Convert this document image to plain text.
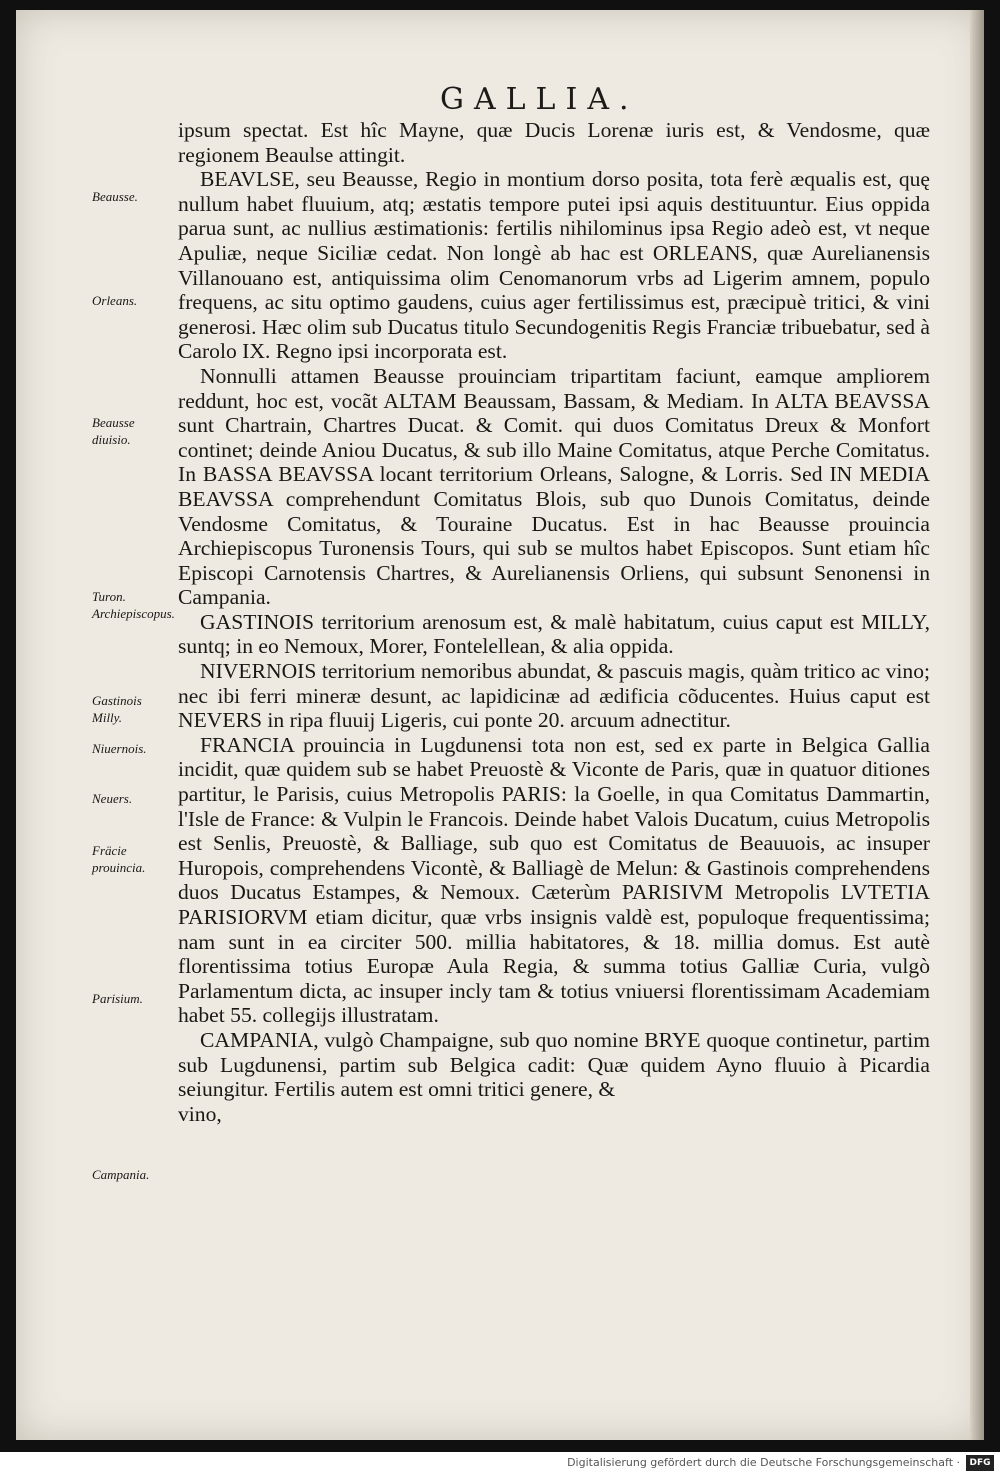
GALLIA.
Beausse.
Orleans.
Beausse diuisio.
Turon. Archiepiscopus.
Gastinois Milly.
Niuernois.
Neuers.
Fräcie prouincia.
Parisium.
Campania.

ipsum spectat. Est hîc Mayne, quæ Ducis Lorenæ iuris est, & Vendosme, quæ regionem Beaulse attingit.

BEAVLSE, seu Beausse, Regio in montium dorso posita, tota ferè æqualis est, quę nullum habet fluuium, atq; æstatis tempore putei ipsi aquis destituuntur. Eius oppida parua sunt, ac nullius æstimationis: fertilis nihilominus ipsa Regio adeò est, vt neque Apuliæ, neque Siciliæ cedat. Non longè ab hac est ORLEANS, quæ Aurelianensis Villanouano est, antiquissima olim Cenomanorum vrbs ad Ligerim amnem, populo frequens, ac situ optimo gaudens, cuius ager fertilissimus est, præcipuè tritici, & vini generosi. Hæc olim sub Ducatus titulo Secundogenitis Regis Franciæ tribuebatur, sed à Carolo IX. Regno ipsi incorporata est.

Nonnulli attamen Beausse prouinciam tripartitam faciunt, eamque ampliorem reddunt, hoc est, vocãt ALTAM Beaussam, Bassam, & Mediam. In ALTA BEAVSSA sunt Chartrain, Chartres Ducat. & Comit. qui duos Comitatus Dreux & Monfort continet; deinde Aniou Ducatus, & sub illo Maine Comitatus, atque Perche Comitatus. In BASSA BEAVSSA locant territorium Orleans, Salogne, & Lorris. Sed IN MEDIA BEAVSSA comprehendunt Comitatus Blois, sub quo Dunois Comitatus, deinde Vendosme Comitatus, & Touraine Ducatus. Est in hac Beausse prouincia Archiepiscopus Turonensis Tours, qui sub se multos habet Episcopos. Sunt etiam hîc Episcopi Carnotensis Chartres, & Aurelianensis Orliens, qui subsunt Senonensi in Campania.

GASTINOIS territorium arenosum est, & malè habitatum, cuius caput est MILLY, suntq; in eo Nemoux, Morer, Fontelellean, & alia oppida.

NIVERNOIS territorium nemoribus abundat, & pascuis magis, quàm tritico ac vino; nec ibi ferri mineræ desunt, ac lapidicinæ ad ædificia cõducentes. Huius caput est NEVERS in ripa fluuij Ligeris, cui ponte 20. arcuum adnectitur.

FRANCIA prouincia in Lugdunensi tota non est, sed ex parte in Belgica Gallia incidit, quæ quidem sub se habet Preuostè & Viconte de Paris, quæ in quatuor ditiones partitur, le Parisis, cuius Metropolis PARIS: la Goelle, in qua Comitatus Dammartin, l'Isle de France: & Vulpin le Francois. Deinde habet Valois Ducatum, cuius Metropolis est Senlis, Preuostè, & Balliage, sub quo est Comitatus de Beauuois, ac insuper Huropois, comprehendens Vicontè, & Balliagè de Melun: & Gastinois comprehendens duos Ducatus Estampes, & Nemoux. Cæterùm PARISIVM Metropolis LVTETIA PARISIORVM etiam dicitur, quæ vrbs insignis valdè est, populoque frequentissima; nam sunt in ea circiter 500. millia habitatores, & 18. millia domus. Est autè florentissima totius Europæ Aula Regia, & summa totius Galliæ Curia, vulgò Parlamentum dicta, ac insuper incly tam & totius vniuersi florentissimam Academiam habet 55. collegijs illustratam.

CAMPANIA, vulgò Champaigne, sub quo nomine BRYE quoque continetur, partim sub Lugdunensi, partim sub Belgica cadit: Quæ quidem Ayno fluuio à Picardia seiungitur. Fertilis autem est omni tritici genere, &

vino,

Digitalisierung gefördert durch die Deutsche Forschungsgemeinschaft ·	DFG
